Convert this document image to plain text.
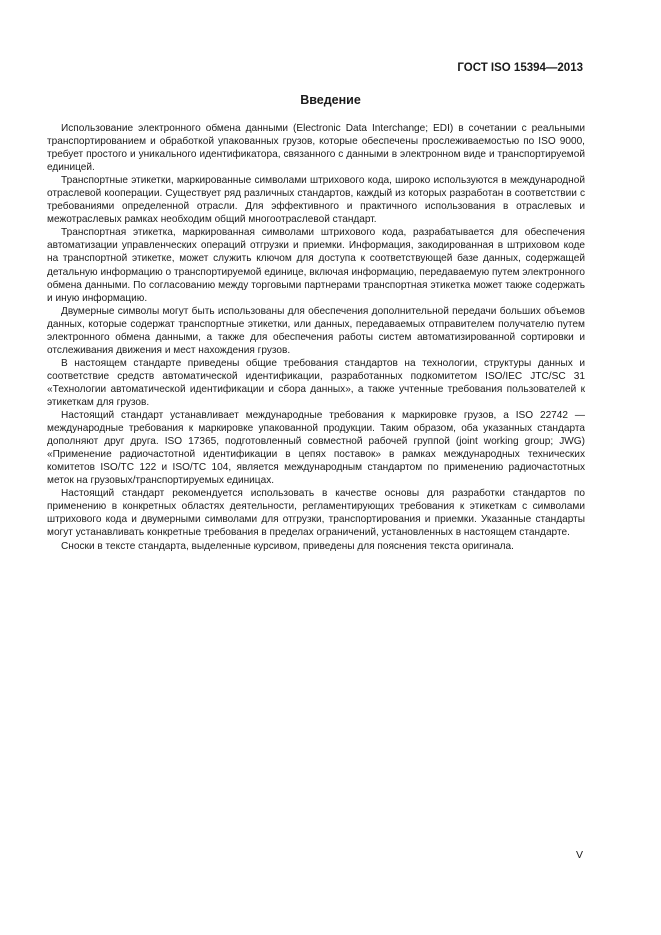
ГОСТ ISO 15394—2013
Введение

Использование электронного обмена данными (Electronic Data Interchange; EDI) в сочетании с реальными транспортированием и обработкой упакованных грузов, которые обеспечены прослеживаемостью по ISO 9000, требует простого и уникального идентификатора, связанного с данными в электронном виде и транспортируемой единицей.

Транспортные этикетки, маркированные символами штрихового кода, широко используются в международной отраслевой кооперации. Существует ряд различных стандартов, каждый из которых разработан в соответствии с требованиями определенной отрасли. Для эффективного и практичного использования в отраслевых и межотраслевых рамках необходим общий многоотраслевой стандарт.

Транспортная этикетка, маркированная символами штрихового кода, разрабатывается для обеспечения автоматизации управленческих операций отгрузки и приемки. Информация, закодированная в штриховом коде на транспортной этикетке, может служить ключом для доступа к соответствующей базе данных, содержащей детальную информацию о транспортируемой единице, включая информацию, передаваемую путем электронного обмена данными. По согласованию между торговыми партнерами транспортная этикетка может также содержать и иную информацию.

Двумерные символы могут быть использованы для обеспечения дополнительной передачи больших объемов данных, которые содержат транспортные этикетки, или данных, передаваемых отправителем получателю путем электронного обмена данными, а также для обеспечения работы систем автоматизированной сортировки и отслеживания движения и мест нахождения грузов.

В настоящем стандарте приведены общие требования стандартов на технологии, структуры данных и соответствие средств автоматической идентификации, разработанных подкомитетом ISO/IEC JTC/SC 31 «Технологии автоматической идентификации и сбора данных», а также учтенные требования пользователей к этикеткам для грузов.

Настоящий стандарт устанавливает международные требования к маркировке грузов, а ISO 22742 — международные требования к маркировке упакованной продукции. Таким образом, оба указанных стандарта дополняют друг друга. ISO 17365, подготовленный совместной рабочей группой (joint working group; JWG) «Применение радиочастотной идентификации в цепях поставок» в рамках международных технических комитетов ISO/TC 122 и ISO/TC 104, является международным стандартом по применению радиочастотных меток на грузовых/транспортируемых единицах.

Настоящий стандарт рекомендуется использовать в качестве основы для разработки стандартов по применению в конкретных областях деятельности, регламентирующих требования к этикеткам с символами штрихового кода и двумерными символами для отгрузки, транспортирования и приемки. Указанные стандарты могут устанавливать конкретные требования в пределах ограничений, установленных в настоящем стандарте.

Сноски в тексте стандарта, выделенные курсивом, приведены для пояснения текста оригинала.

V
